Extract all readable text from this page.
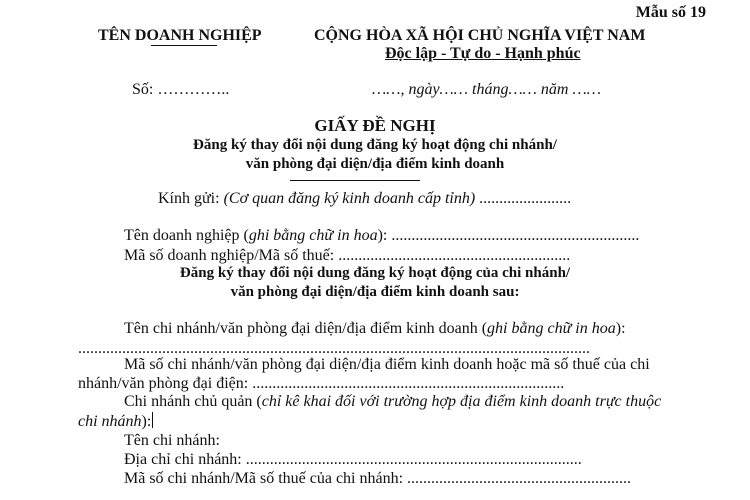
Mẫu số 19
TÊN DOANH NGHIỆP	CỘNG HÒA XÃ HỘI CHỦ NGHĨA VIỆT NAM
Độc lập - Tự do - Hạnh phúc
Số: …………..	……, ngày…… tháng…… năm ……
GIẤY ĐỀ NGHỊ
Đăng ký thay đổi nội dung đăng ký hoạt động chi nhánh/
văn phòng đại diện/địa điểm kinh doanh
Kính gửi: (Cơ quan đăng ký kinh doanh cấp tỉnh) .......................
Tên doanh nghiệp (ghi bằng chữ in hoa): ..............................................................
Mã số doanh nghiệp/Mã số thuế: ..........................................................
Đăng ký thay đổi nội dung đăng ký hoạt động của chi nhánh/
văn phòng đại diện/địa điểm kinh doanh sau:
Tên chi nhánh/văn phòng đại diện/địa điểm kinh doanh (ghi bằng chữ in hoa):
................................................................................................................................
Mã số chi nhánh/văn phòng đại diện/địa điểm kinh doanh hoặc mã số thuế của chi
nhánh/văn phòng đại điện: ..............................................................................
Chi nhánh chủ quản (chỉ kê khai đối với trường hợp địa điểm kinh doanh trực thuộc
chi nhánh):
Tên chi nhánh:
Địa chỉ chi nhánh: ....................................................................................
Mã số chi nhánh/Mã số thuế của chi nhánh: ........................................................
